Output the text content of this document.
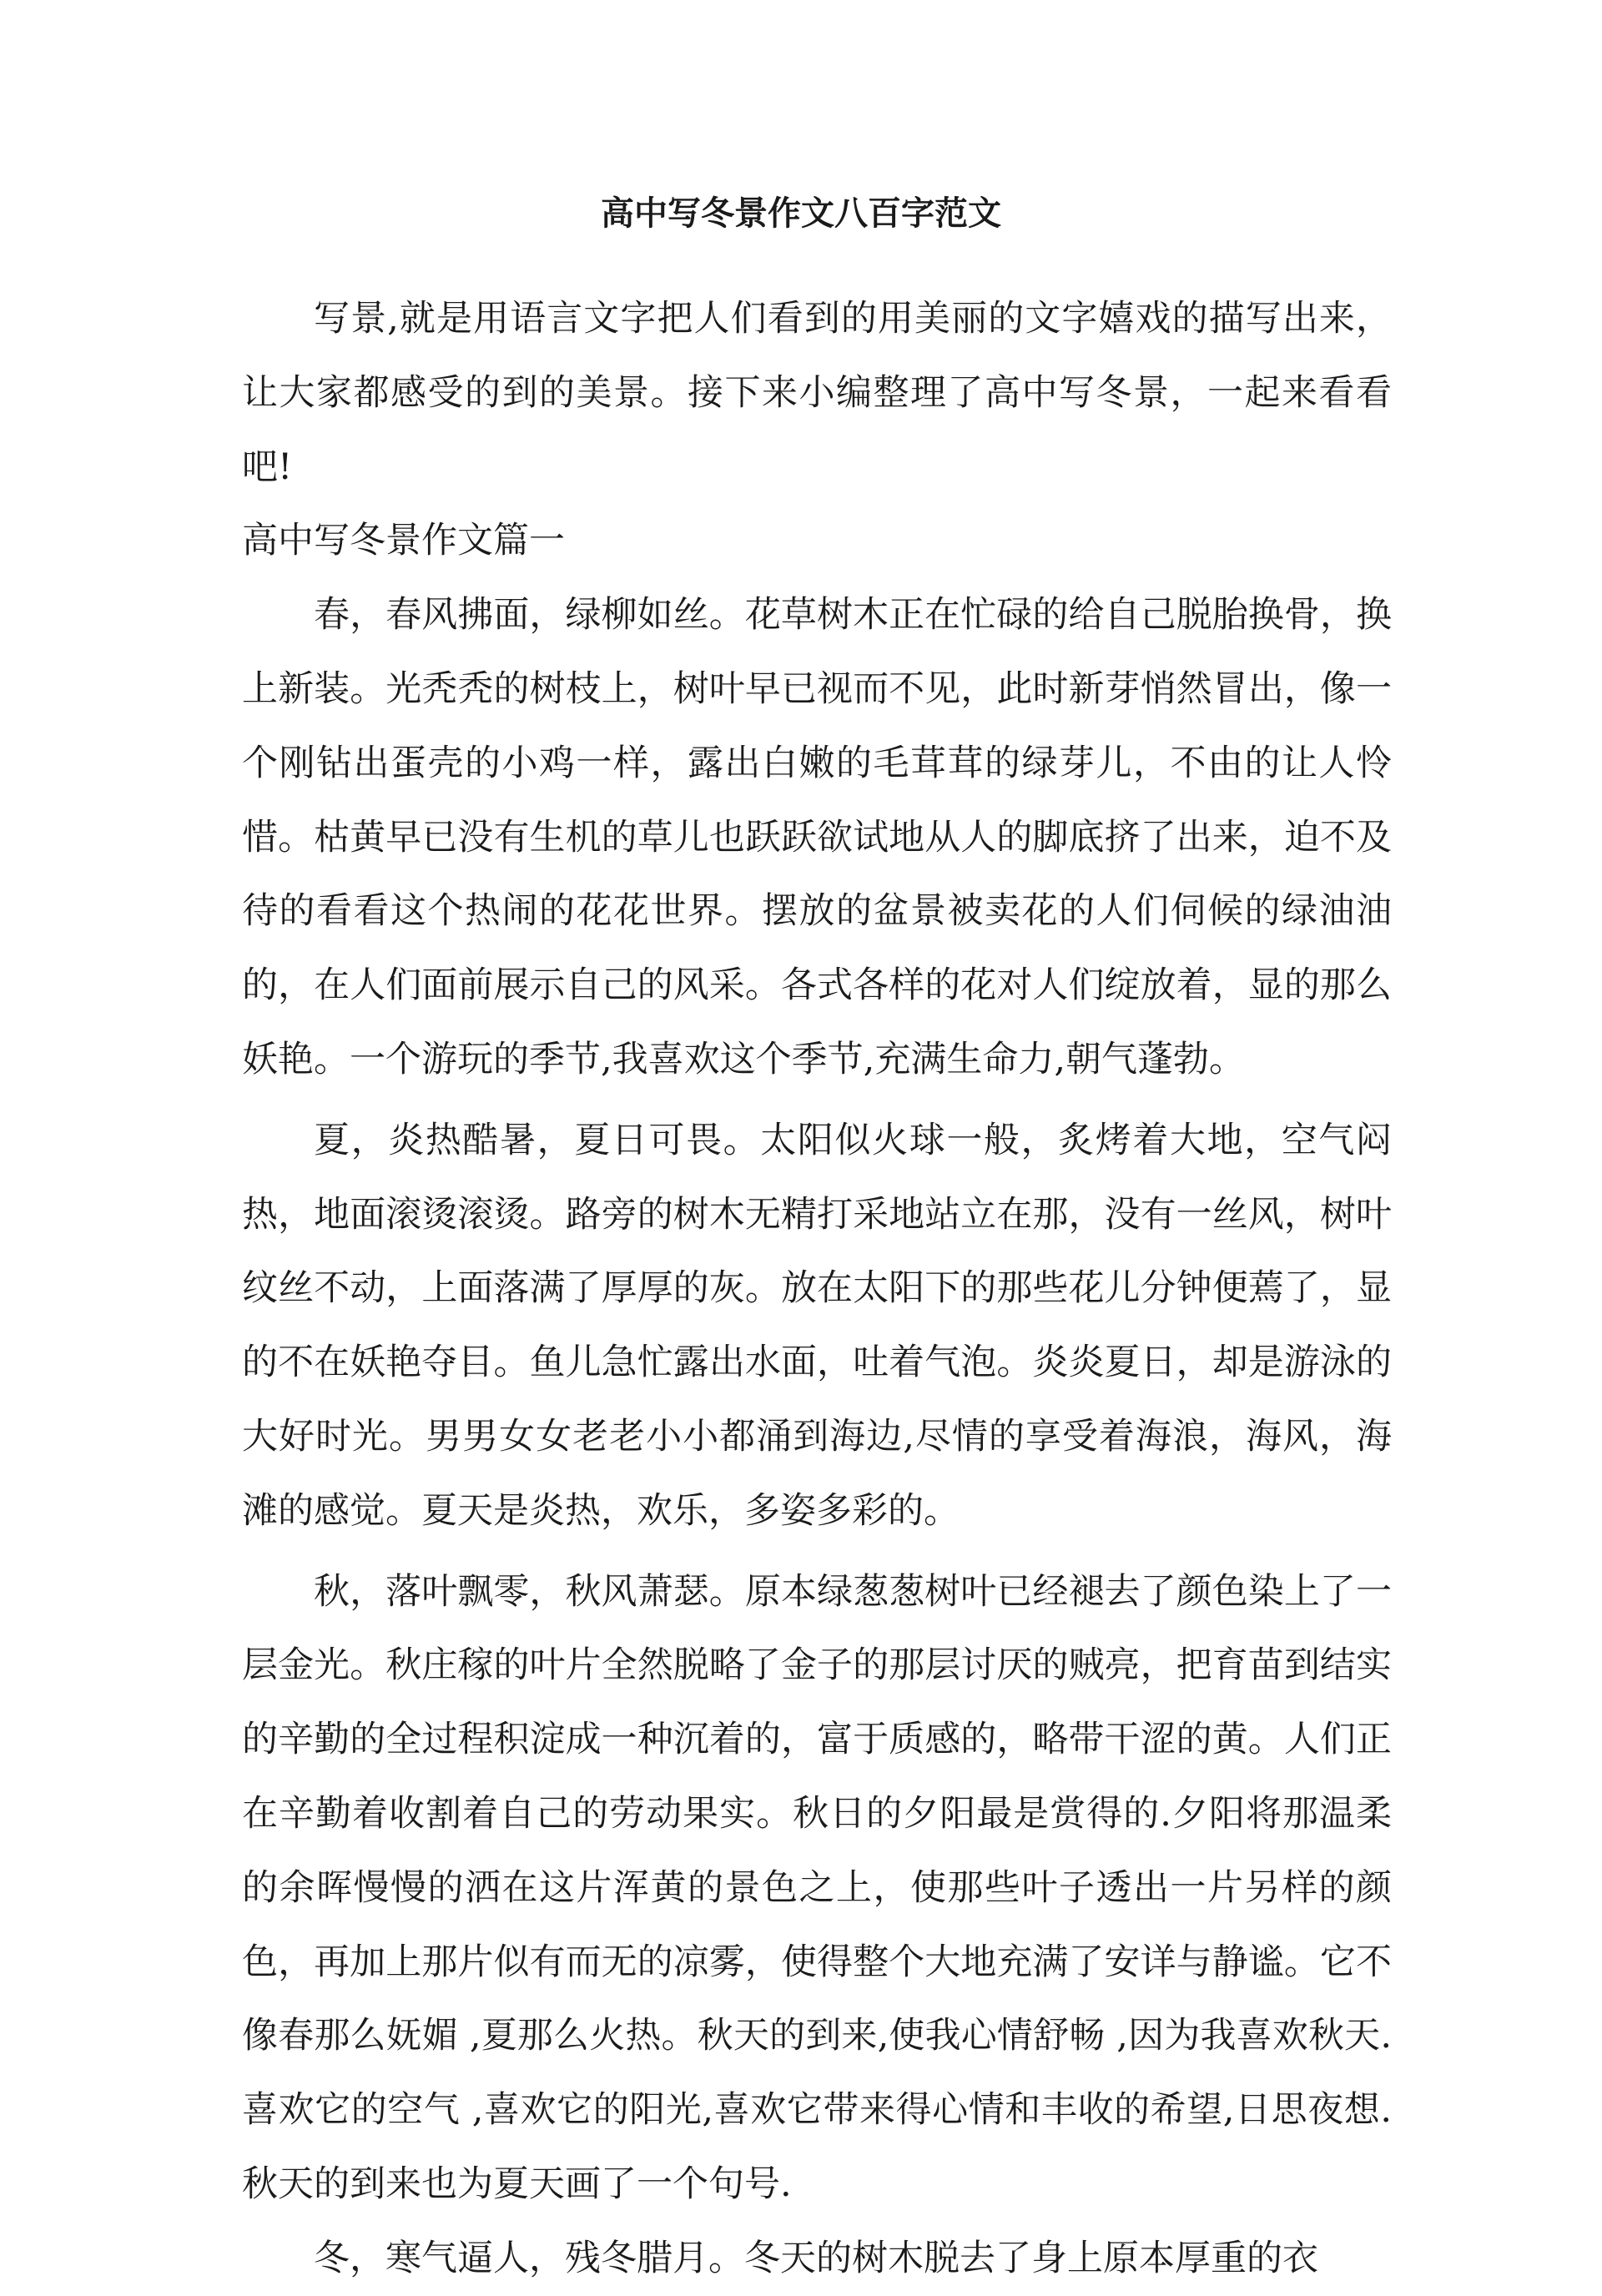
高中写冬景作文八百字范文

写景,就是用语言文字把人们看到的用美丽的文字嬉戏的描写出来，让大家都感受的到的美景。接下来小编整理了高中写冬景，一起来看看吧!

高中写冬景作文篇一

春，春风拂面，绿柳如丝。花草树木正在忙碌的给自己脱胎换骨，换上新装。光秃秃的树枝上，树叶早已视而不见，此时新芽悄然冒出，像一个刚钻出蛋壳的小鸡一样，露出白嫩的毛茸茸的绿芽儿，不由的让人怜惜。枯黄早已没有生机的草儿也跃跃欲试地从人的脚底挤了出来，迫不及待的看看这个热闹的花花世界。摆放的盆景被卖花的人们伺候的绿油油的，在人们面前展示自己的风采。各式各样的花对人们绽放着，显的那么妖艳。一个游玩的季节,我喜欢这个季节,充满生命力,朝气蓬勃。

夏，炎热酷暑，夏日可畏。太阳似火球一般，炙烤着大地，空气闷热，地面滚烫滚烫。路旁的树木无精打采地站立在那，没有一丝风，树叶纹丝不动，上面落满了厚厚的灰。放在太阳下的那些花儿分钟便蔫了，显的不在妖艳夺目。鱼儿急忙露出水面，吐着气泡。炎炎夏日，却是游泳的大好时光。男男女女老老小小都涌到海边,尽情的享受着海浪，海风，海滩的感觉。夏天是炎热，欢乐，多姿多彩的。

秋，落叶飘零，秋风萧瑟。原本绿葱葱树叶已经褪去了颜色染上了一层金光。秋庄稼的叶片全然脱略了金子的那层讨厌的贼亮，把育苗到结实的辛勤的全过程积淀成一种沉着的，富于质感的，略带干涩的黄。人们正在辛勤着收割着自己的劳动果实。秋日的夕阳最是赏得的.夕阳将那温柔的余晖慢慢的洒在这片浑黄的景色之上，使那些叶子透出一片另样的颜色，再加上那片似有而无的凉雾，使得整个大地充满了安详与静谧。它不像春那么妩媚 ,夏那么火热。秋天的到来,使我心情舒畅 ,因为我喜欢秋天.喜欢它的空气 ,喜欢它的阳光,喜欢它带来得心情和丰收的希望,日思夜想.秋天的到来也为夏天画了一个句号.

冬，寒气逼人，残冬腊月。冬天的树木脱去了身上原本厚重的衣
